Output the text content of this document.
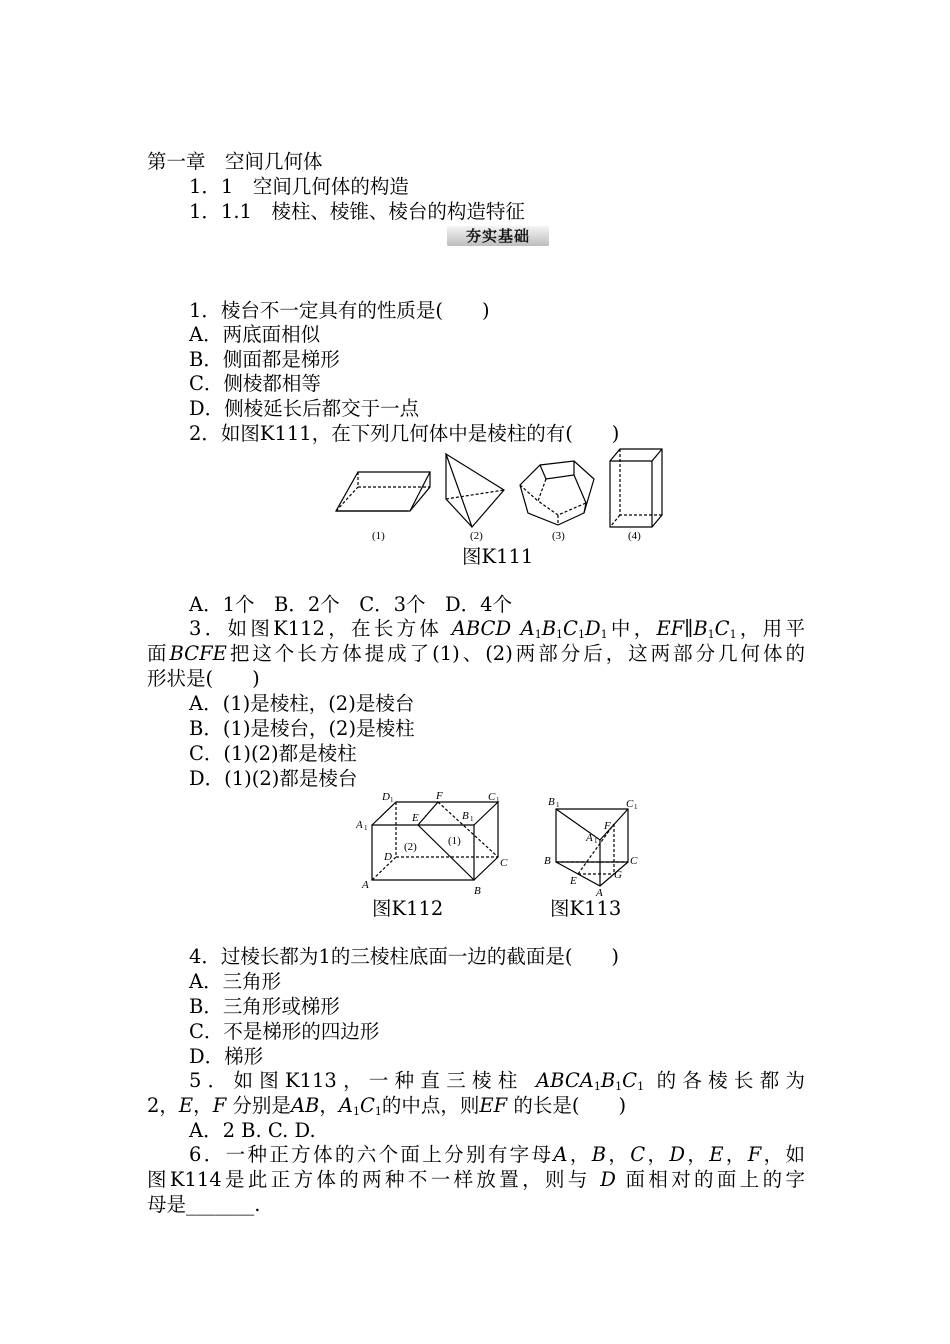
第一章　空间几何体
1．1　空间几何体的构造
1．1.1　棱柱、棱锥、棱台的构造特征
夯实基础
1．棱台不一定具有的性质是(　　)
A．两底面相似
B．侧面都是梯形
C．侧棱都相等
D．侧棱延长后都交于一点
2．如图K111，在下列几何体中是棱柱的有(　　)
(1)	(2)	(3)	(4)
图K111
A．1个　B．2个　C．3个　D．4个
3．如图K112，在长方体 ABCD $A_1B_1C_1D_1$中，$EF\parallel B_1C_1$，用平
面BCFE把这个长方体提成了(1)、(2)两部分后，这两部分几何体的
形状是(　　)
A．(1)是棱柱，(2)是棱台
B．(1)是棱台，(2)是棱柱
C．(1)(2)都是棱柱
D．(1)(2)都是棱台
D 1	F	C 1
A 1
E	B 1
(1)
(2)
D	C
A	B
图K112
B 1	C 1
A 1
F
B	C
E	G
A
图K113
4．过棱长都为1的三棱柱底面一边的截面是(　　)
A．三角形
B．三角形或梯形
C．不是梯形的四边形
D．梯形
5．如图K113，一种直三棱柱 $ABCA_1B_1C_1$ 的各棱长都为
2，E，F 分别是AB，$A_1C_1$的中点，则EF 的长是(　　)
A．2 B. C. D.
6．一种正方体的六个面上分别有字母A，B，C，D，E，F，如
图K114是此正方体的两种不一样放置，则与 D 面相对的面上的字
母是_______.
